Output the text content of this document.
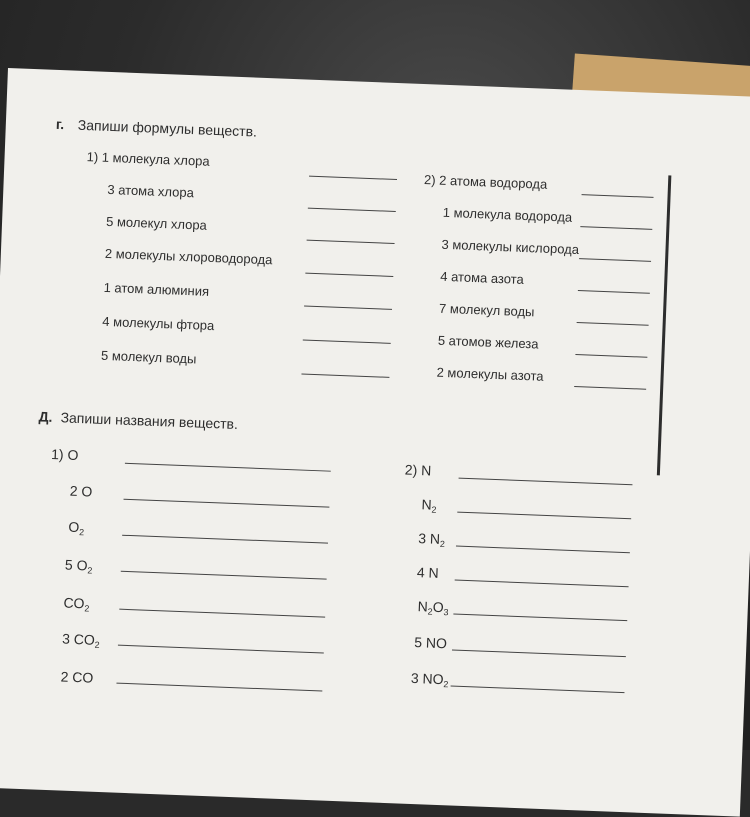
г. Запиши формулы веществ.
1) 1 молекула хлора
3 атома хлора
5 молекул хлора
2 молекулы хлороводорода
1 атом алюминия
4 молекулы фтора
5 молекул воды
2) 2 атома водорода
1 молекула водорода
3 молекулы кислорода
4 атома азота
7 молекул воды
5 атомов железа
2 молекулы азота
Д. Запиши названия веществ.
1) O
2 O
$O_2$
5 $O_2$
$CO_2$
3 $CO_2$
2 CO
2) N
$N_2$
3 $N_2$
4 N
$N_2O_3$
5 NO
3 $NO_2$
